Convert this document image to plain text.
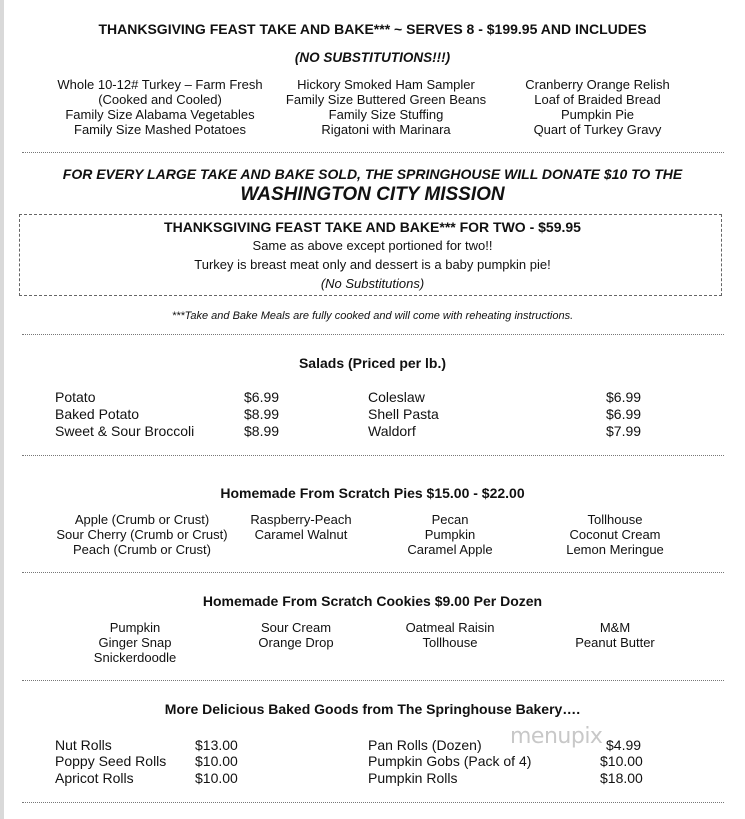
THANKSGIVING FEAST TAKE AND BAKE*** ~ SERVES 8 - $199.95 AND INCLUDES
(NO SUBSTITUTIONS!!!)
Whole 10-12# Turkey – Farm Fresh
(Cooked and Cooled)
Family Size Alabama Vegetables
Family Size Mashed Potatoes
Hickory Smoked Ham Sampler
Family Size Buttered Green Beans
Family Size Stuffing
Rigatoni with Marinara
Cranberry Orange Relish
Loaf of Braided Bread
Pumpkin Pie
Quart of Turkey Gravy
FOR EVERY LARGE TAKE AND BAKE SOLD, THE SPRINGHOUSE WILL DONATE $10 TO THE
WASHINGTON CITY MISSION
THANKSGIVING FEAST TAKE AND BAKE*** FOR TWO - $59.95
Same as above except portioned for two!!
Turkey is breast meat only and dessert is a baby pumpkin pie!
(No Substitutions)
***Take and Bake Meals are fully cooked and will come with reheating instructions.
Salads (Priced per lb.)
Potato
Baked Potato
Sweet & Sour Broccoli
$6.99
$8.99
$8.99
Coleslaw
Shell Pasta
Waldorf
$6.99
$6.99
$7.99
Homemade From Scratch Pies $15.00 - $22.00
Apple (Crumb or Crust)
Sour Cherry (Crumb or Crust)
Peach (Crumb or Crust)
Raspberry-Peach
Caramel Walnut
Pecan
Pumpkin
Caramel Apple
Tollhouse
Coconut Cream
Lemon Meringue
Homemade From Scratch Cookies $9.00 Per Dozen
Pumpkin
Ginger Snap
Snickerdoodle
Sour Cream
Orange Drop
Oatmeal Raisin
Tollhouse
M&M
Peanut Butter
More Delicious Baked Goods from The Springhouse Bakery….
menupix
Nut Rolls
Poppy Seed Rolls
Apricot Rolls
$13.00
$10.00
$10.00
Pan Rolls (Dozen)
Pumpkin Gobs (Pack of 4)
Pumpkin Rolls
$4.99
$10.00
$18.00
